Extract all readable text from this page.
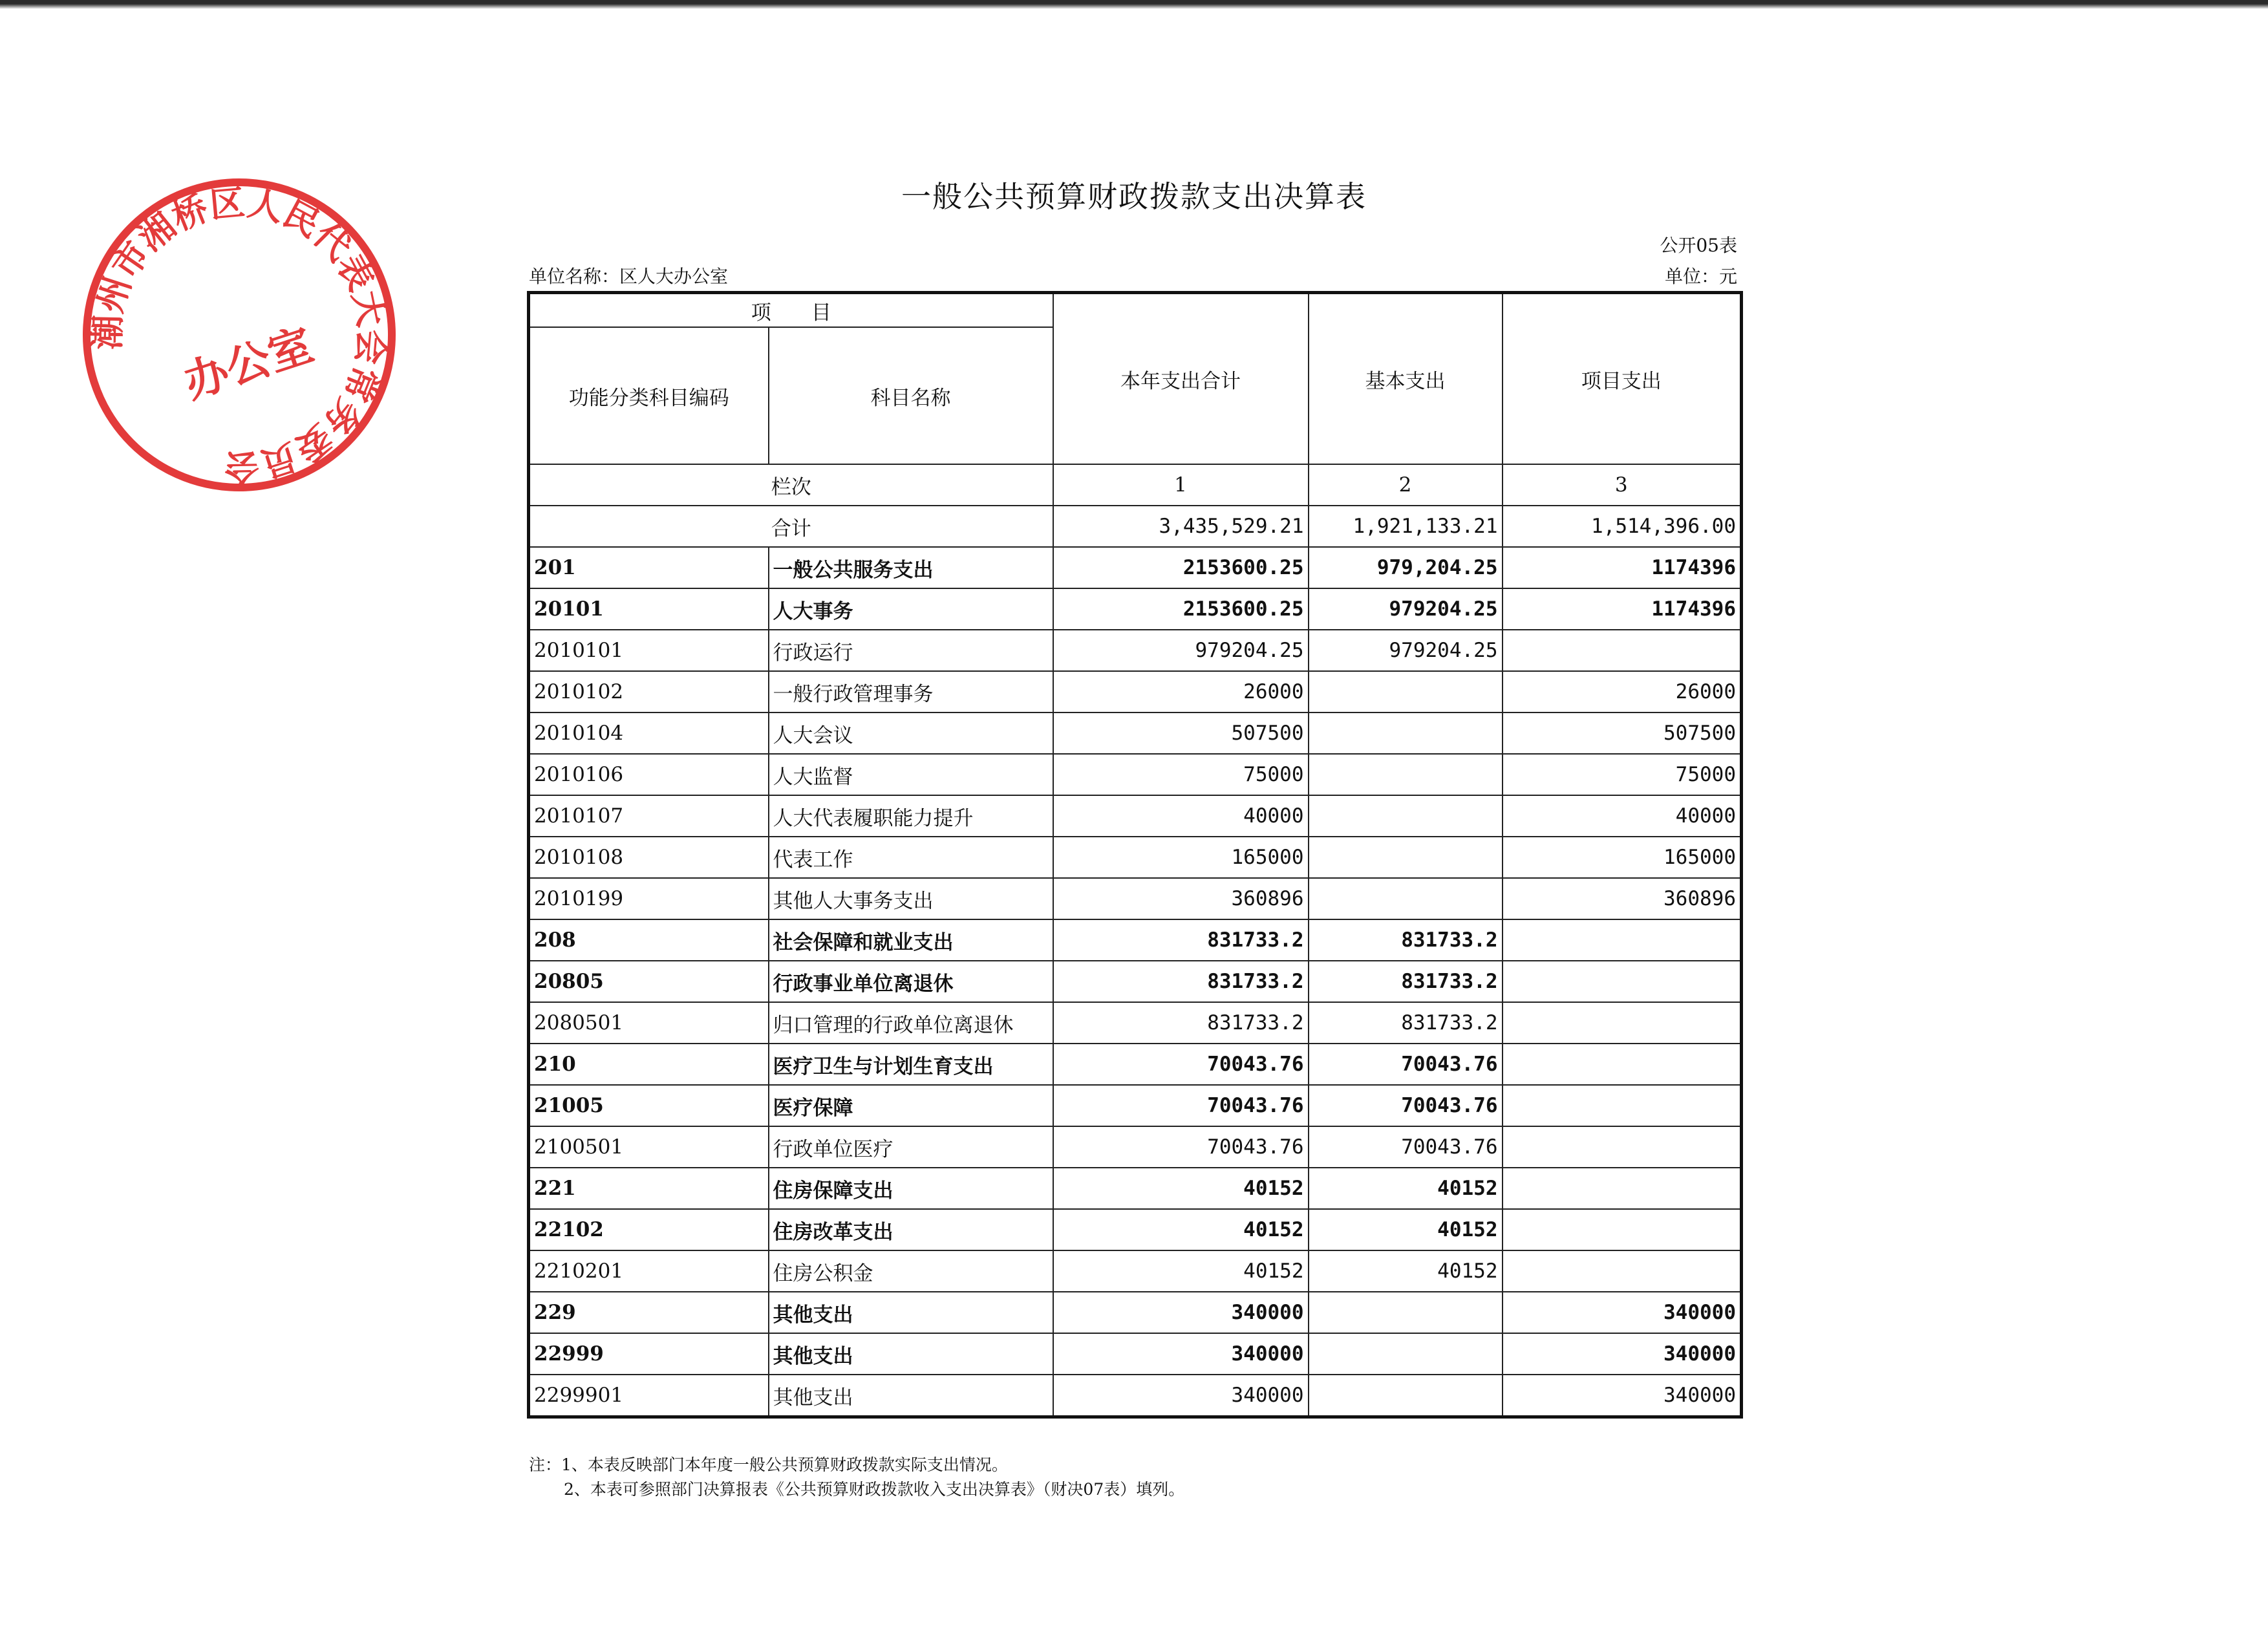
一般公共预算财政拨款支出决算表
公开05表
单位名称：区人大办公室	单位：元
项　　目		本年支出合计	基本支出	项目支出
功能分类科目编码	科目名称			
栏次		1	2	3
合计		3,435,529.21	1,921,133.21	1,514,396.00
201	一般公共服务支出	2153600.25	979,204.25	1174396
20101	人大事务	2153600.25	979204.25	1174396
2010101	行政运行	979204.25	979204.25	
2010102	一般行政管理事务	26000		26000
2010104	人大会议	507500		507500
2010106	人大监督	75000		75000
2010107	人大代表履职能力提升	40000		40000
2010108	代表工作	165000		165000
2010199	其他人大事务支出	360896		360896
208	社会保障和就业支出	831733.2	831733.2	
20805	行政事业单位离退休	831733.2	831733.2	
2080501	归口管理的行政单位离退休	831733.2	831733.2	
210	医疗卫生与计划生育支出	70043.76	70043.76	
21005	医疗保障	70043.76	70043.76	
2100501	行政单位医疗	70043.76	70043.76	
221	住房保障支出	40152	40152	
22102	住房改革支出	40152	40152	
2210201	住房公积金	40152	40152	
229	其他支出	340000		340000
22999	其他支出	340000		340000
2299901	其他支出	340000		340000
注：1、本表反映部门本年度一般公共预算财政拨款实际支出情况。
2、本表可参照部门决算报表《公共预算财政拨款收入支出决算表》（财决07表）填列。
潮州市湘桥区人民代表大会常务委员会
办公室
